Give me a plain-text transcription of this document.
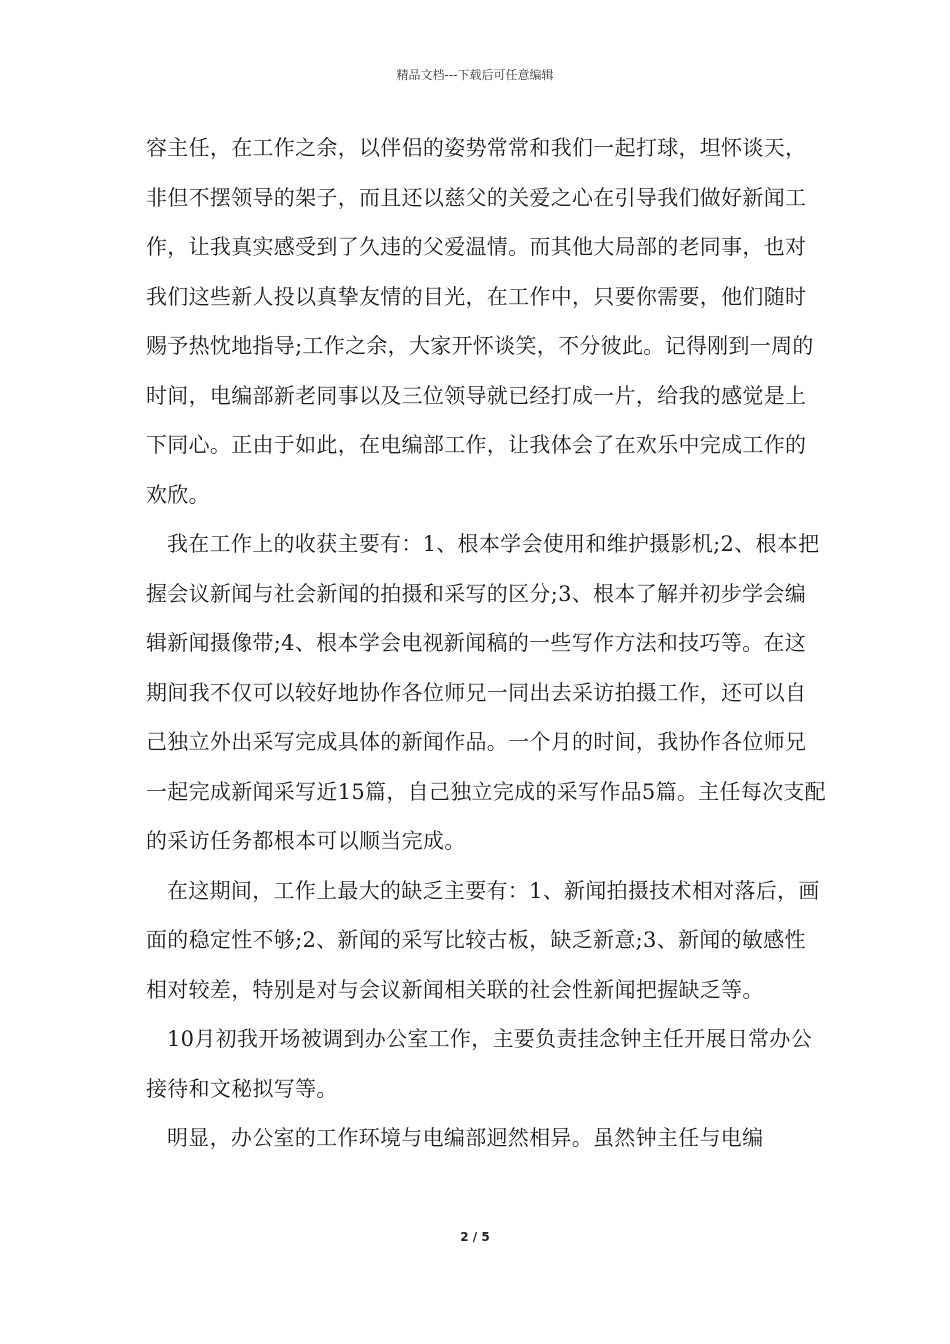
精品文档---下载后可任意编辑

容主任，在工作之余，以伴侣的姿势常常和我们一起打球，坦怀谈天，非但不摆领导的架子，而且还以慈父的关爱之心在引导我们做好新闻工作，让我真实感受到了久违的父爱温情。而其他大局部的老同事，也对我们这些新人投以真挚友情的目光，在工作中，只要你需要，他们随时赐予热忱地指导;工作之余，大家开怀谈笑，不分彼此。记得刚到一周的时间，电编部新老同事以及三位领导就已经打成一片，给我的感觉是上下同心。正由于如此，在电编部工作，让我体会了在欢乐中完成工作的欢欣。

我在工作上的收获主要有：1、根本学会使用和维护摄影机;2、根本把握会议新闻与社会新闻的拍摄和采写的区分;3、根本了解并初步学会编辑新闻摄像带;4、根本学会电视新闻稿的一些写作方法和技巧等。在这期间我不仅可以较好地协作各位师兄一同出去采访拍摄工作，还可以自己独立外出采写完成具体的新闻作品。一个月的时间，我协作各位师兄一起完成新闻采写近15篇，自己独立完成的采写作品5篇。主任每次支配的采访任务都根本可以顺当完成。

在这期间，工作上最大的缺乏主要有：1、新闻拍摄技术相对落后，画面的稳定性不够;2、新闻的采写比较古板，缺乏新意;3、新闻的敏感性相对较差，特别是对与会议新闻相关联的社会性新闻把握缺乏等。

10月初我开场被调到办公室工作，主要负责挂念钟主任开展日常办公接待和文秘拟写等。

明显，办公室的工作环境与电编部迥然相异。虽然钟主任与电编

2 / 5
